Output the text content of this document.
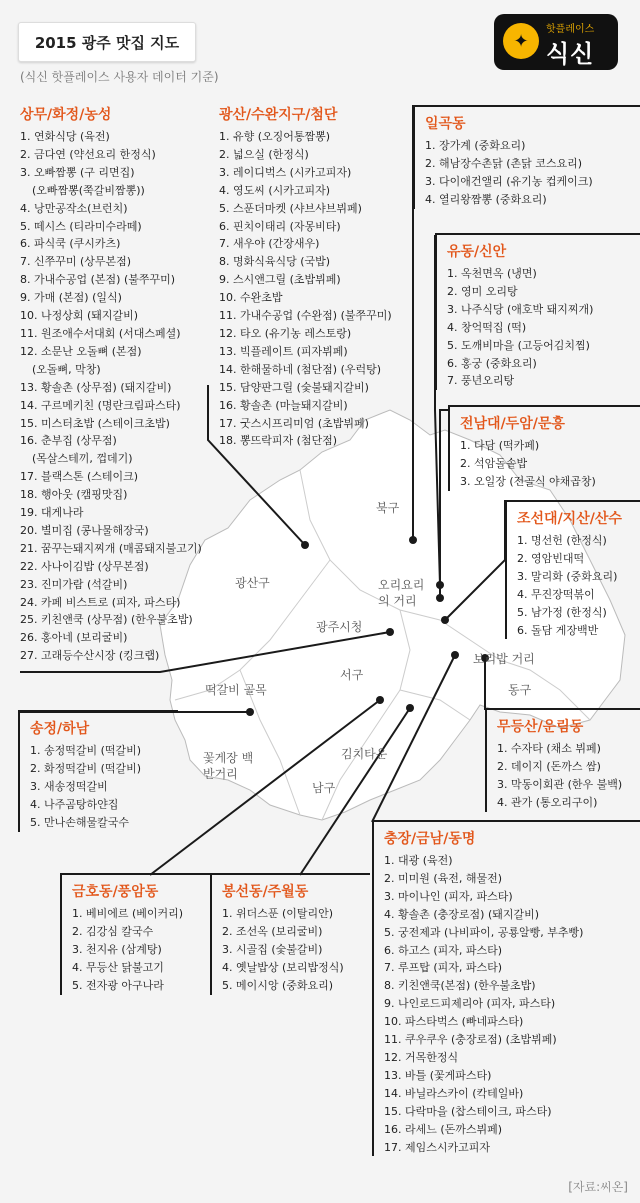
2015 광주 맛집 지도
(식신 핫플레이스 사용자 데이터 기준)
✦
핫플레이스
식신
북구
광산구
서구
동구
남구
광주시청
오리요리의 거리
보리밥 거리
떡갈비 골목
꽃게장 백반거리
김치타운
상무/화정/농성
1. 연화식당 (육전)
2. 금다연 (약선요리 한정식)
3. 오빠짬뽕 (구 리면집)
(오빠짬뽕(쭉갈비짬뽕))
4. 낭만공작소(브런치)
5. 떼시스 (티라미수라떼)
6. 파식쿡 (쿠시카츠)
7. 신쭈꾸미 (상무본점)
8. 가내수공업 (본점) (불쭈꾸미)
9. 가매 (본점) (일식)
10. 나정상회 (돼지갈비)
11. 원조애수서대회 (서대스페셜)
12. 소문난 오돌뼈 (본점)
(오돌뼈, 막창)
13. 황솔촌 (상무점) (돼지갈비)
14. 구르메키친 (명란크림파스타)
15. 미스터초밥 (스테이크초밥)
16. 춘부집 (상무점)
(목살스테끼, 껍데기)
17. 블랙스톤 (스테이크)
18. 행아웃 (캠핑맛집)
19. 대게나라
20. 별미집 (콩나물해장국)
21. 꿈꾸는돼지찌개 (매콤돼지불고기)
22. 사나이김밥 (상무본점)
23. 진미가람 (석갈비)
24. 카페 비스트로 (피자, 파스타)
25. 키친앤쿡 (상무점) (한우불초밥)
26. 홍아네 (보리굴비)
27. 고래등수산시장 (킹크랩)
광산/수완지구/첨단
1. 유향 (오징어통짬뽕)
2. 넓으실 (한정식)
3. 레이디벅스 (시카고피자)
4. 영도씨 (시카고피자)
5. 스푼더마켓 (샤브샤브뷔페)
6. 핀치이태리 (자몽비타)
7. 새우야 (간장새우)
8. 명화식육식당 (국밥)
9. 스시앤그릴 (초밥뷔페)
10. 수완초밥
11. 가내수공업 (수완점) (불쭈꾸미)
12. 타오 (유기농 레스토랑)
13. 빅플레이트 (피자뷔페)
14. 한해물하네 (첨단점) (우럭탕)
15. 담양판그릴 (숯불돼지갈비)
16. 황솔촌 (마늘돼지갈비)
17. 굿스시프리미엄 (초밥뷔페)
18. 뽕뜨락피자 (첨단점)
일곡동
1. 장가계 (중화요리)
2. 해남장수촌닭 (촌닭 코스요리)
3. 다이애건앨리 (유기농 컵케이크)
4. 열리왕짬뽕 (중화요리)
유동/신안
1. 옥천면옥 (냉면)
2. 영미 오리탕
3. 나주식당 (애호박 돼지찌개)
4. 창억떡집 (떡)
5. 도깨비마을 (고등어김치찜)
6. 홍궁 (중화요리)
7. 풍년오리탕
전남대/두암/문흥
1. 다담 (떡카페)
2. 석암돌솥밥
3. 오일장 (전골식 야채곱창)
조선대/지산/산수
1. 명선헌 (한정식)
2. 영암빈대떡
3. 말리화 (중화요리)
4. 무진장떡볶이
5. 남가정 (한정식)
6. 돌담 게장백반
무등산/운림동
1. 수자타 (채소 뷔페)
2. 데이지 (돈까스 쌈)
3. 막동이회관 (한우 불백)
4. 관가 (통오리구이)
송정/하남
1. 송정떡갈비 (떡갈비)
2. 화정떡갈비 (떡갈비)
3. 새송정떡갈비
4. 나주곰탕하얀집
5. 만나손해물칼국수
금호동/풍암동
1. 베비에르 (베이커리)
2. 김강심 칼국수
3. 천지유 (삼계탕)
4. 무등산 닭불고기
5. 전자광 아구나라
봉선동/주월동
1. 위더스푼 (이탈리안)
2. 조선옥 (보리굴비)
3. 시골집 (숯불갈비)
4. 옛날밥상 (보리밥정식)
5. 메이시앙 (중화요리)
충장/금남/동명
1. 대광 (육전)
2. 미미원 (육전, 해물전)
3. 마이나인 (피자, 파스타)
4. 황솔촌 (충장로점) (돼지갈비)
5. 궁전제과 (나비파이, 공룡알빵, 부추빵)
6. 하고스 (피자, 파스타)
7. 루프탑 (피자, 파스타)
8. 키친앤쿡(본점) (한우불초밥)
9. 나인로드피제리아 (피자, 파스타)
10. 파스타벅스 (빠네파스타)
11. 쿠우쿠우 (충장로점) (초밥뷔페)
12. 거목한정식
13. 바틀 (꽃게파스타)
14. 바닐라스카이 (칵테일바)
15. 다락마을 (찹스테이크, 파스타)
16. 라세느 (돈까스뷔페)
17. 제임스시카고피자
[자료:씨온]
